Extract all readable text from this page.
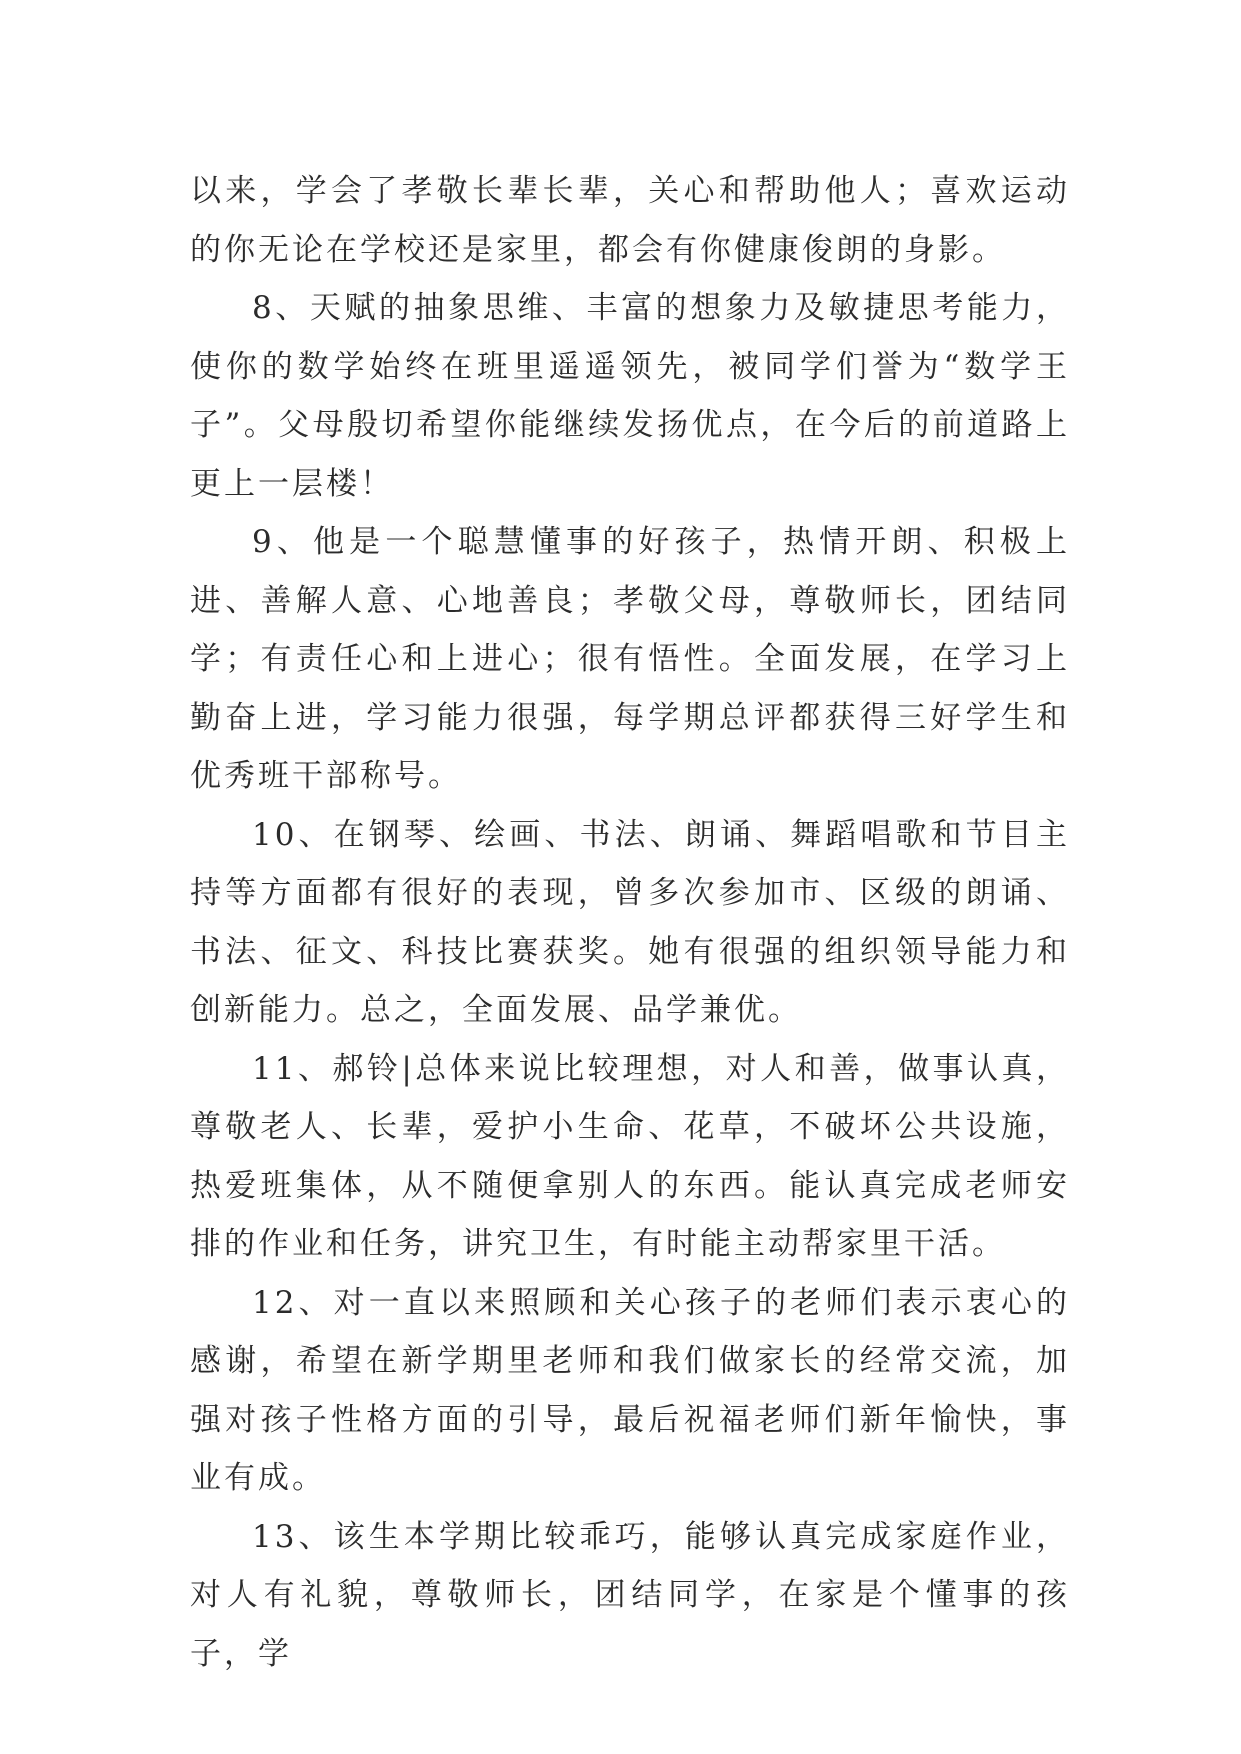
以来，学会了孝敬长辈长辈，关心和帮助他人；喜欢运动的你无论在学校还是家里，都会有你健康俊朗的身影。

8、天赋的抽象思维、丰富的想象力及敏捷思考能力，使你的数学始终在班里遥遥领先，被同学们誉为“数学王子”。父母殷切希望你能继续发扬优点，在今后的前道路上更上一层楼！

9、他是一个聪慧懂事的好孩子，热情开朗、积极上进、善解人意、心地善良；孝敬父母，尊敬师长，团结同学；有责任心和上进心；很有悟性。全面发展，在学习上勤奋上进，学习能力很强，每学期总评都获得三好学生和优秀班干部称号。

10、在钢琴、绘画、书法、朗诵、舞蹈唱歌和节目主持等方面都有很好的表现，曾多次参加市、区级的朗诵、书法、征文、科技比赛获奖。她有很强的组织领导能力和创新能力。总之，全面发展、品学兼优。

11、郝铃|总体来说比较理想，对人和善，做事认真，尊敬老人、长辈，爱护小生命、花草，不破坏公共设施，热爱班集体，从不随便拿别人的东西。能认真完成老师安排的作业和任务，讲究卫生，有时能主动帮家里干活。

12、对一直以来照顾和关心孩子的老师们表示衷心的感谢，希望在新学期里老师和我们做家长的经常交流，加强对孩子性格方面的引导，最后祝福老师们新年愉快，事业有成。

13、该生本学期比较乖巧，能够认真完成家庭作业，对人有礼貌，尊敬师长，团结同学，在家是个懂事的孩子，学
